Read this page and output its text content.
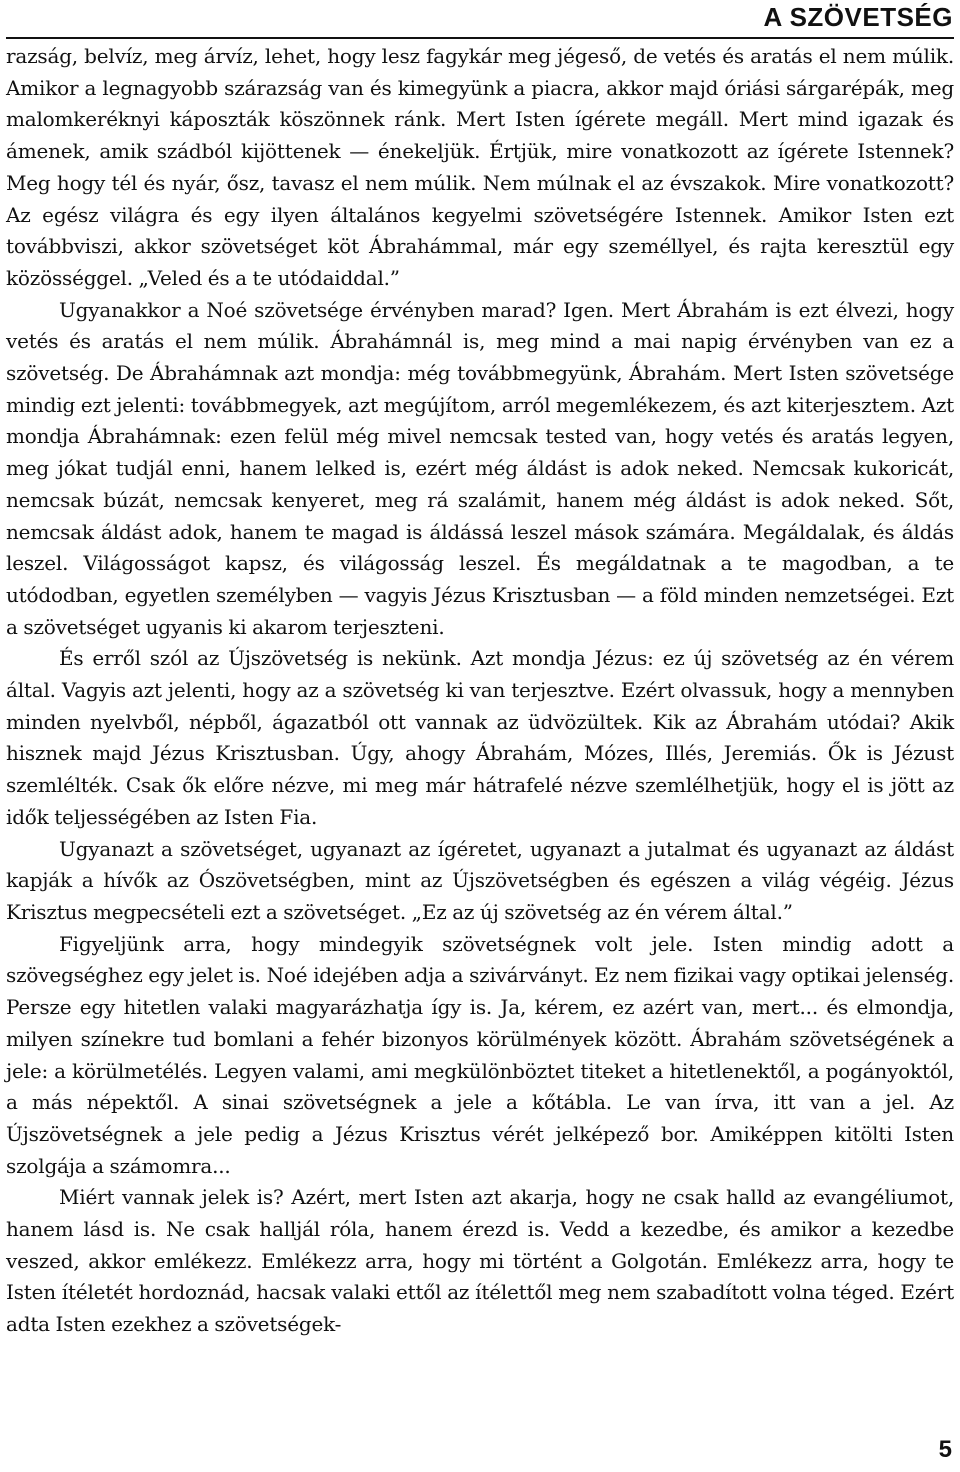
A SZÖVETSÉG

razság, belvíz, meg árvíz, lehet, hogy lesz fagykár meg jégeső, de vetés és aratás el nem múlik. Amikor a legnagyobb szárazság van és kimegyünk a piacra, akkor majd óriási sárgarépák, meg malomkeréknyi káposzták köszönnek ránk. Mert Isten ígérete megáll. Mert mind igazak és ámenek, amik szádból kijöttenek — énekeljük. Értjük, mire vonatkozott az ígérete Istennek? Meg hogy tél és nyár, ősz, tavasz el nem múlik. Nem múlnak el az évszakok. Mire vonatkozott? Az egész világra és egy ilyen általános kegyelmi szövetségére Istennek. Amikor Isten ezt továbbviszi, akkor szövetséget köt Ábrahámmal, már egy személlyel, és rajta keresztül egy közösséggel. „Veled és a te utódaiddal.”

Ugyanakkor a Noé szövetsége érvényben marad? Igen. Mert Ábrahám is ezt élvezi, hogy vetés és aratás el nem múlik. Ábrahámnál is, meg mind a mai napig érvényben van ez a szövetség. De Ábrahámnak azt mondja: még továbbmegyünk, Ábrahám. Mert Isten szövetsége mindig ezt jelenti: továbbmegyek, azt megújítom, arról megemlékezem, és azt kiterjesztem. Azt mondja Ábrahámnak: ezen felül még mivel nemcsak tested van, hogy vetés és aratás legyen, meg jókat tudjál enni, hanem lelked is, ezért még áldást is adok neked. Nemcsak kukoricát, nemcsak búzát, nemcsak kenyeret, meg rá szalámit, hanem még áldást is adok neked. Sőt, nemcsak áldást adok, hanem te magad is áldássá leszel mások számára. Megáldalak, és áldás leszel. Világosságot kapsz, és világosság leszel. És megáldatnak a te magodban, a te utódodban, egyetlen személyben — vagyis Jézus Krisztusban — a föld minden nemzetségei. Ezt a szövetséget ugyanis ki akarom terjeszteni.

És erről szól az Újszövetség is nekünk. Azt mondja Jézus: ez új szövetség az én vérem által. Vagyis azt jelenti, hogy az a szövetség ki van terjesztve. Ezért olvassuk, hogy a mennyben minden nyelvből, népből, ágazatból ott vannak az üdvözültek. Kik az Ábrahám utódai? Akik hisznek majd Jézus Krisztusban. Úgy, ahogy Ábrahám, Mózes, Illés, Jeremiás. Ők is Jézust szemlélték. Csak ők előre nézve, mi meg már hátrafelé nézve szemlélhetjük, hogy el is jött az idők teljességében az Isten Fia.

Ugyanazt a szövetséget, ugyanazt az ígéretet, ugyanazt a jutalmat és ugyanazt az áldást kapják a hívők az Ószövetségben, mint az Újszövetségben és egészen a világ végéig. Jézus Krisztus megpecsételi ezt a szövetséget. „Ez az új szövetség az én vérem által.”

Figyeljünk arra, hogy mindegyik szövetségnek volt jele. Isten mindig adott a szövegséghez egy jelet is. Noé idejében adja a szivárványt. Ez nem fizikai vagy optikai jelenség. Persze egy hitetlen valaki magyarázhatja így is. Ja, kérem, ez azért van, mert... és elmondja, milyen színekre tud bomlani a fehér bizonyos körülmények között. Ábrahám szövetségének a jele: a körülmetélés. Legyen valami, ami megkülönböztet titeket a hitetlenektől, a pogányoktól, a más népektől. A sinai szövetségnek a jele a kőtábla. Le van írva, itt van a jel. Az Újszövetségnek a jele pedig a Jézus Krisztus vérét jelképező bor. Amiképpen kitölti Isten szolgája a számomra...

Miért vannak jelek is? Azért, mert Isten azt akarja, hogy ne csak halld az evangéliumot, hanem lásd is. Ne csak halljál róla, hanem érezd is. Vedd a kezedbe, és amikor a kezedbe veszed, akkor emlékezz. Emlékezz arra, hogy mi történt a Golgotán. Emlékezz arra, hogy te Isten ítéletét hordoznád, hacsak valaki ettől az ítélettől meg nem szabadított volna téged. Ezért adta Isten ezekhez a szövetségek-

5
